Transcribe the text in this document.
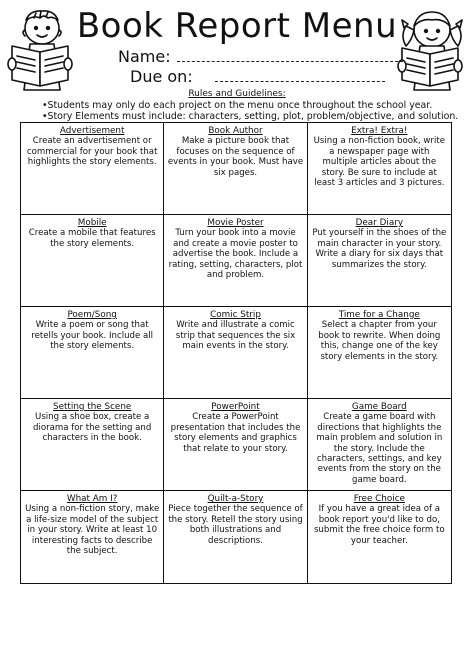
Book Report Menu
Name:
Due on:
Rules and Guidelines:
•Students may only do each project on the menu once throughout the school year.
•Story Elements must include: characters, setting, plot, problem/objective, and solution.
Advertisement
Create an advertisement or commercial for your book that highlights the story elements.
Book Author
Make a picture book that focuses on the sequence of events in your book. Must have six pages.
Extra! Extra!
Using a non-fiction book, write a newspaper page with multiple articles about the story. Be sure to include at least 3 articles and 3 pictures.
Mobile
Create a mobile that features the story elements.
Movie Poster
Turn your book into a movie and create a movie poster to advertise the book. Include a rating, setting, characters, plot and problem.
Dear Diary
Put yourself in the shoes of the main character in your story. Write a diary for six days that summarizes the story.
Poem/Song
Write a poem or song that retells your book. Include all the story elements.
Comic Strip
Write and illustrate a comic strip that sequences the six main events in the story.
Time for a Change
Select a chapter from your book to rewrite. When doing this, change one of the key story elements in the story.
Setting the Scene
Using a shoe box, create a diorama for the setting and characters in the book.
PowerPoint
Create a PowerPoint presentation that includes the story elements and graphics that relate to your story.
Game Board
Create a game board with directions that highlights the main problem and solution in the story. Include the characters, settings, and key events from the story on the game board.
What Am I?
Using a non-fiction story, make a life-size model of the subject in your story. Write at least 10 interesting facts to describe the subject.
Quilt-a-Story
Piece together the sequence of the story. Retell the story using both illustrations and descriptions.
Free Choice
If you have a great idea of a book report you'd like to do, submit the free choice form to your teacher.
